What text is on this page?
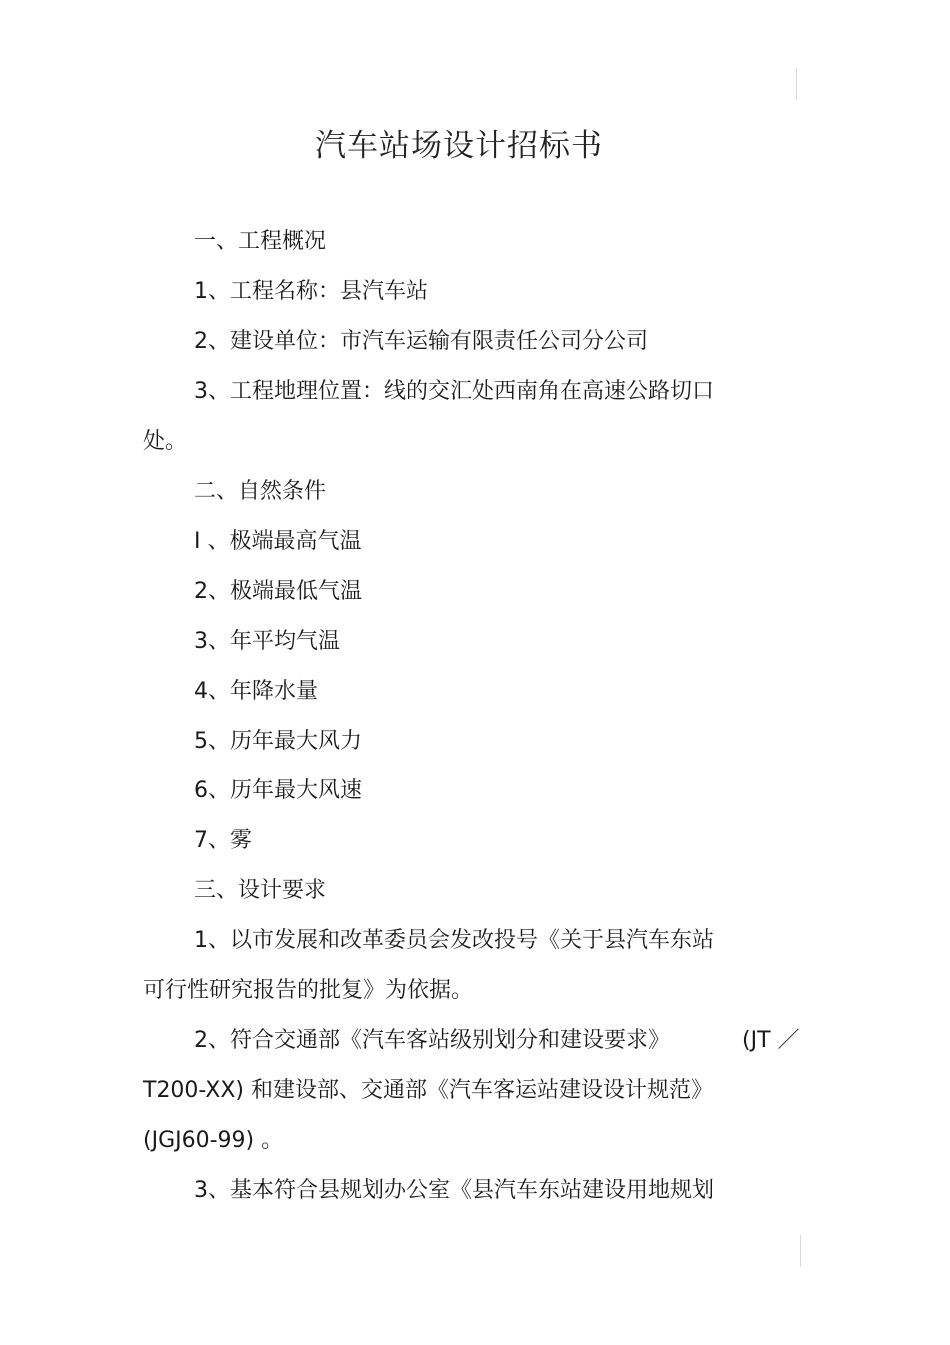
汽车站场设计招标书
一、工程概况
1、工程名称：县汽车站
2、建设单位：市汽车运输有限责任公司分公司
3、工程地理位置：线的交汇处西南角在高速公路切口
处。
二、自然条件
I 、极端最高气温
2、极端最低气温
3、年平均气温
4、年降水量
5、历年最大风力
6、历年最大风速
7、雾
三、设计要求
1、以市发展和改革委员会发改投号《关于县汽车东站
可行性研究报告的批复》为依据。
2、符合交通部《汽车客站级别划分和建设要求》	(JT ／
T200-XX) 和建设部、交通部《汽车客运站建设设计规范》
(JGJ60-99) 。
3、基本符合县规划办公室《县汽车东站建设用地规划
